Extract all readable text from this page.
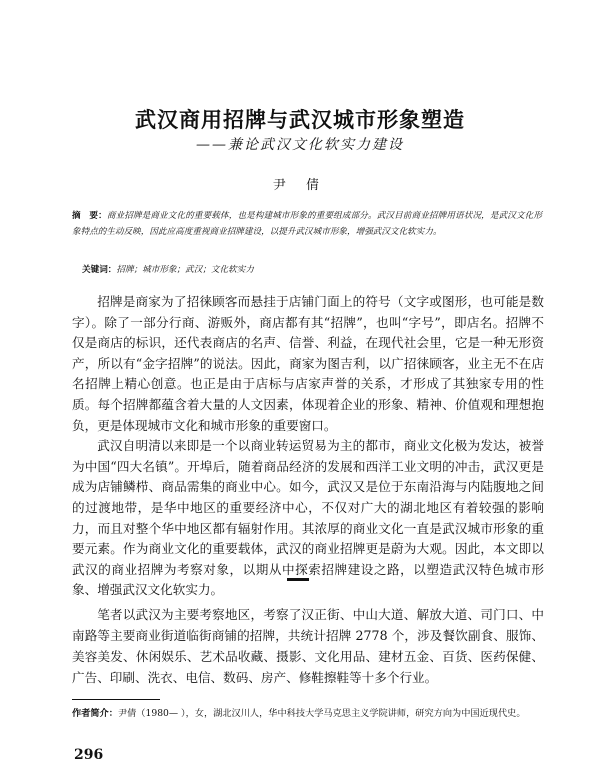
武汉商用招牌与武汉城市形象塑造
——兼论武汉文化软实力建设
尹 倩
摘　要：商业招牌是商业文化的重要载体，也是构建城市形象的重要组成部分。武汉目前商业招牌用语状况，是武汉文化形象特点的生动反映，因此应高度重视商业招牌建设，以提升武汉城市形象，增强武汉文化软实力。
关键词：招牌；城市形象；武汉；文化软实力

招牌是商家为了招徕顾客而悬挂于店铺门面上的符号（文字或图形，也可能是数字）。除了一部分行商、游贩外，商店都有其“招牌”，也叫“字号”，即店名。招牌不仅是商店的标识，还代表商店的名声、信誉、利益，在现代社会里，它是一种无形资产，所以有“金字招牌”的说法。因此，商家为图吉利，以广招徕顾客，业主无不在店名招牌上精心创意。也正是由于店标与店家声誉的关系，才形成了其独家专用的性质。每个招牌都蕴含着大量的人文因素，体现着企业的形象、精神、价值观和理想抱负，更是体现城市文化和城市形象的重要窗口。

武汉自明清以来即是一个以商业转运贸易为主的都市，商业文化极为发达，被誉为中国“四大名镇”。开埠后，随着商品经济的发展和西洋工业文明的冲击，武汉更是成为店铺鳞栉、商品需集的商业中心。如今，武汉又是位于东南沿海与内陆腹地之间的过渡地带，是华中地区的重要经济中心，不仅对广大的湖北地区有着较强的影响力，而且对整个华中地区都有辐射作用。其浓厚的商业文化一直是武汉城市形象的重要元素。作为商业文化的重要载体，武汉的商业招牌更是蔚为大观。因此，本文即以武汉的商业招牌为考察对象，以期从中探索招牌建设之路，以塑造武汉特色城市形象、增强武汉文化软实力。

笔者以武汉为主要考察地区，考察了汉正街、中山大道、解放大道、司门口、中南路等主要商业街道临街商铺的招牌，共统计招牌 2778 个，涉及餐饮副食、服饰、美容美发、休闲娱乐、艺术品收藏、摄影、文化用品、建材五金、百货、医药保健、广告、印刷、洗衣、电信、数码、房产、修鞋擦鞋等十多个行业。

作者简介：尹倩（1980— ），女，湖北汉川人，华中科技大学马克思主义学院讲师，研究方向为中国近现代史。
296
